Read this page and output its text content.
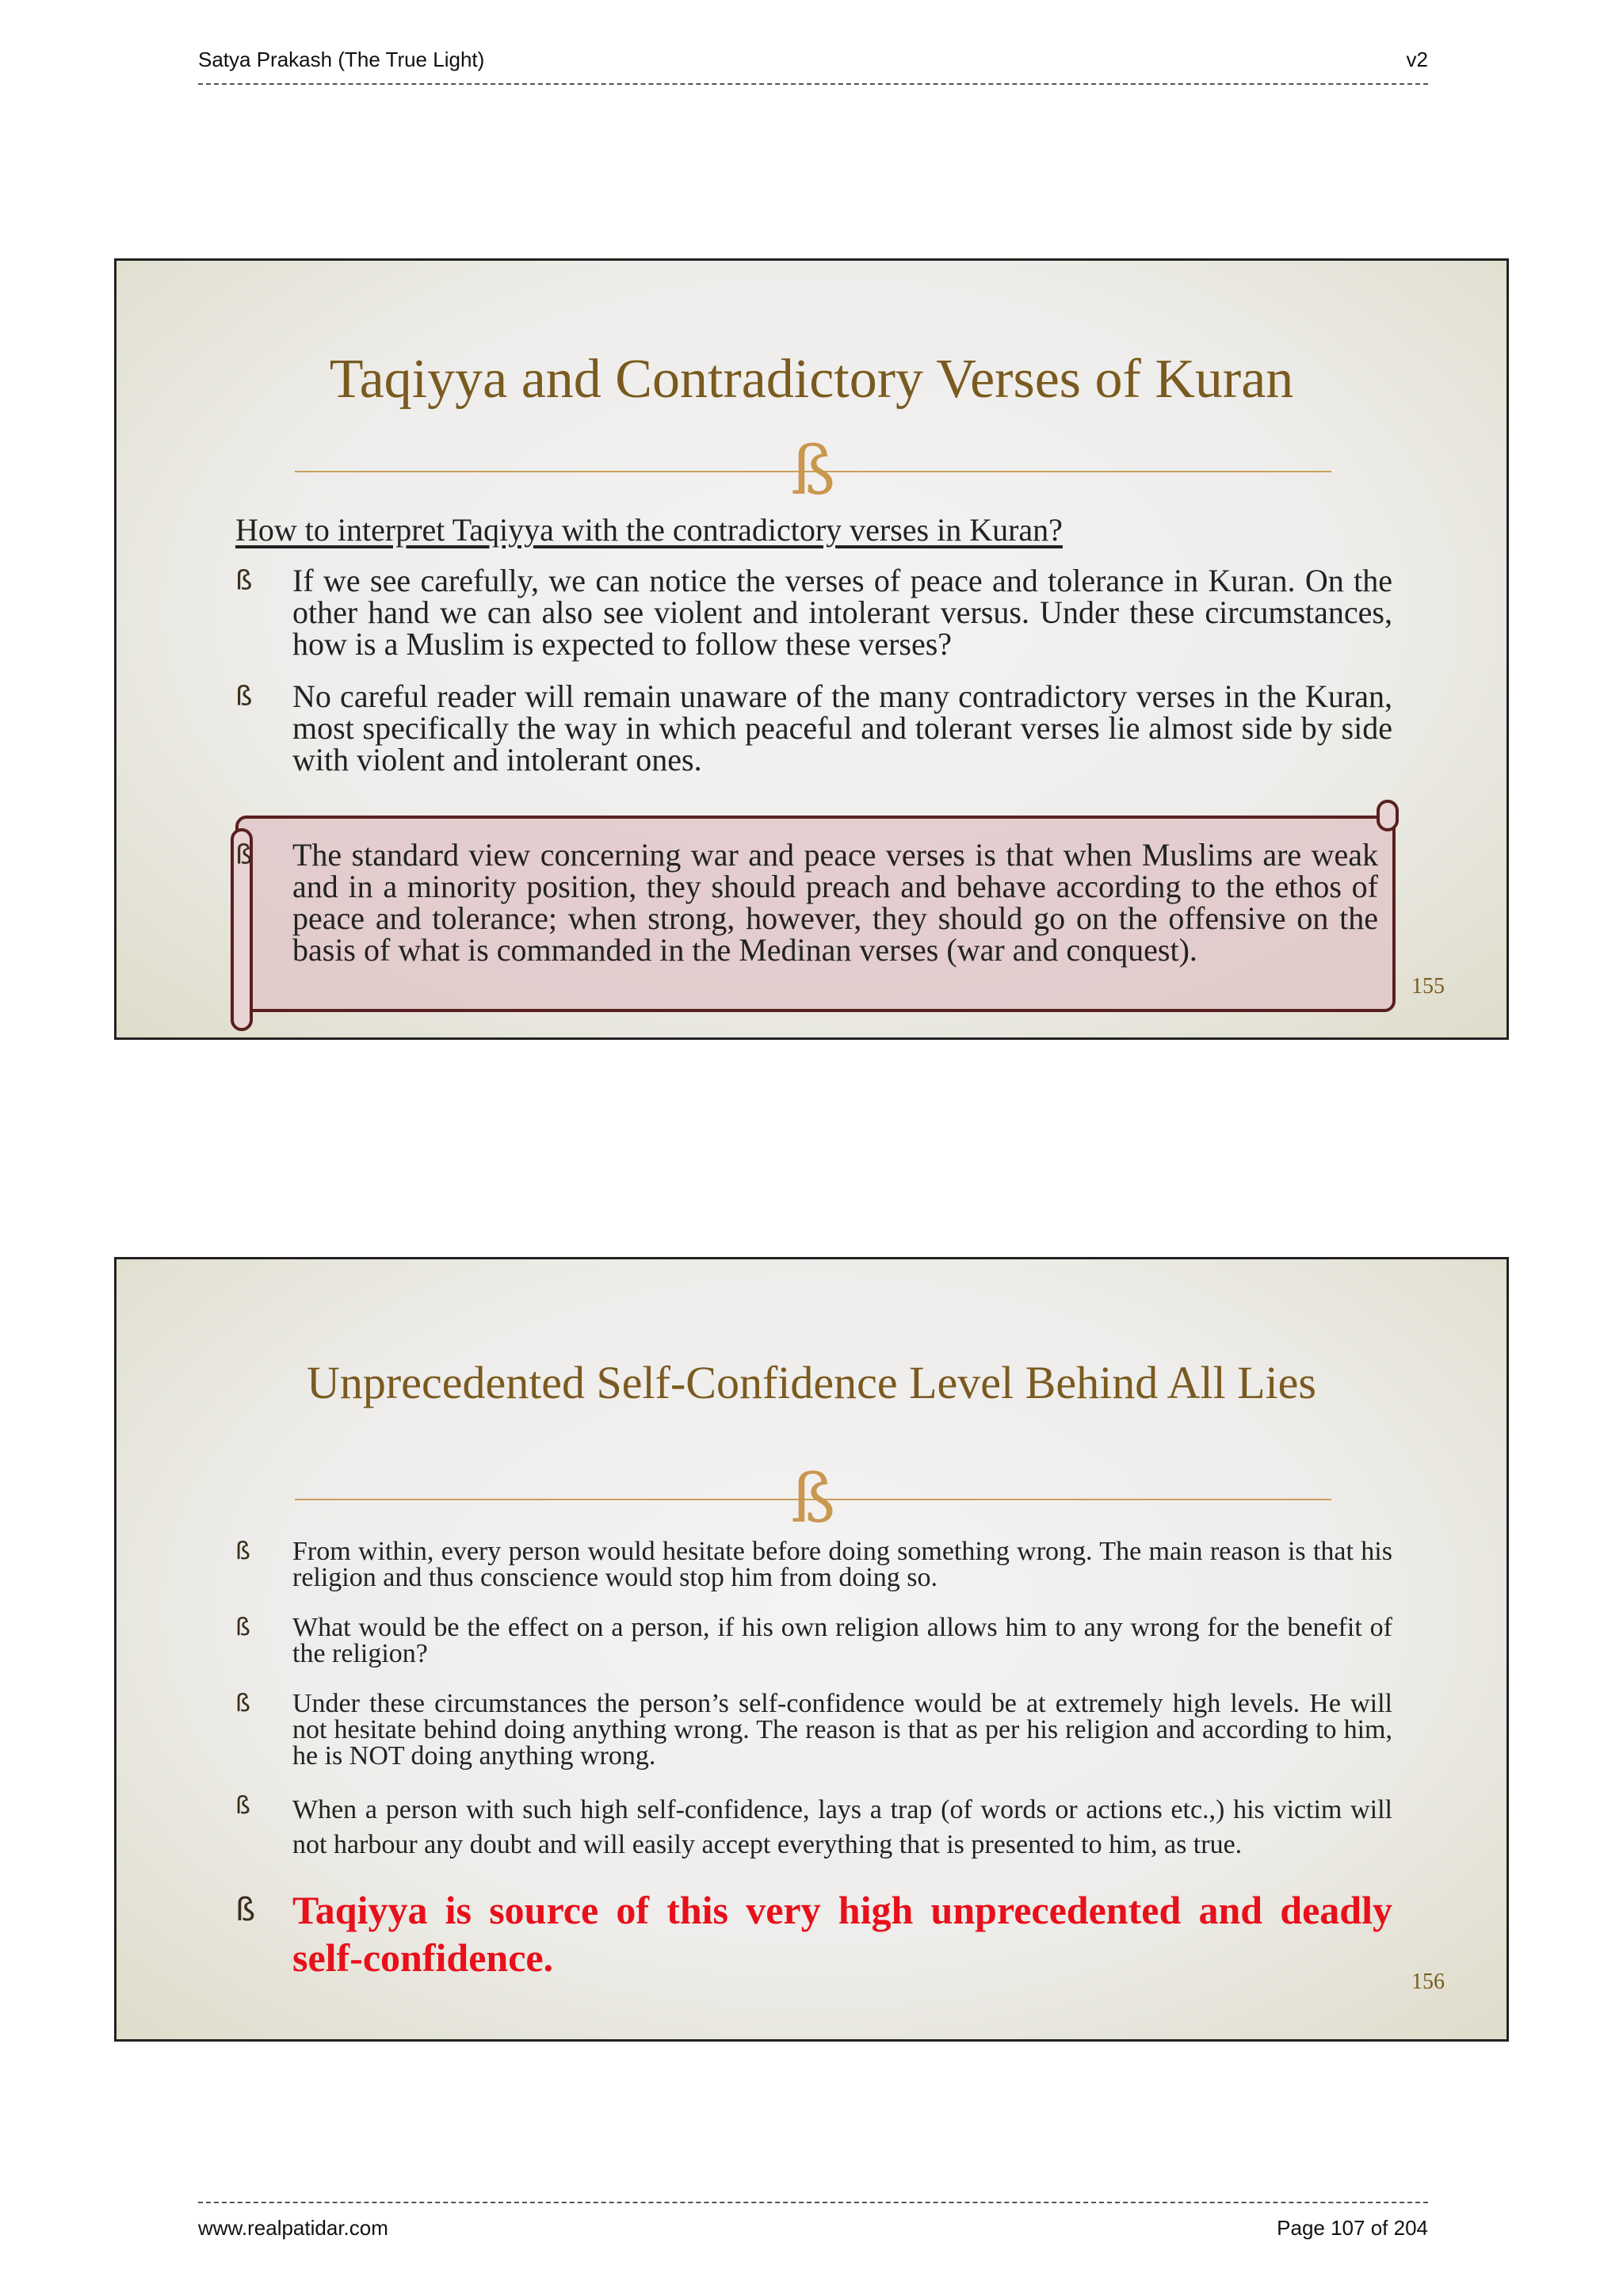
Satya Prakash (The True Light)	v2
Taqiyya and Contradictory Verses of Kuran
ß
How to interpret Taqiyya with the contradictory verses in Kuran?
ß	If we see carefully, we can notice the verses of peace and tolerance in Kuran. On the other hand we can also see violent and intolerant versus. Under these circumstances, how is a Muslim is expected to follow these verses?
ß	No careful reader will remain unaware of the many contradictory verses in the Kuran, most specifically the way in which peaceful and tolerant verses lie almost side by side with violent and intolerant ones.
ß	The standard view concerning war and peace verses is that when Muslims are weak and in a minority position, they should preach and behave according to the ethos of peace and tolerance; when strong, however, they should go on the offensive on the basis of what is commanded in the Medinan verses (war and conquest).
155
Unprecedented Self-Confidence Level Behind All Lies
ß
ß	From within, every person would hesitate before doing something wrong. The main reason is that his religion and thus conscience would stop him from doing so.
ß	What would be the effect on a person, if his own religion allows him to any wrong for the benefit of the religion?
ß	Under these circumstances the person’s self-confidence would be at extremely high levels. He will not hesitate behind doing anything wrong. The reason is that as per his religion and according to him, he is NOT doing anything wrong.
ß	When a person with such high self-confidence, lays a trap (of words or actions etc.,) his victim will not harbour any doubt and will easily accept everything that is presented to him, as true.
ß Taqiyya is source of this very high unprecedented and deadly self-confidence.
156
www.realpatidar.com	Page 107 of 204
